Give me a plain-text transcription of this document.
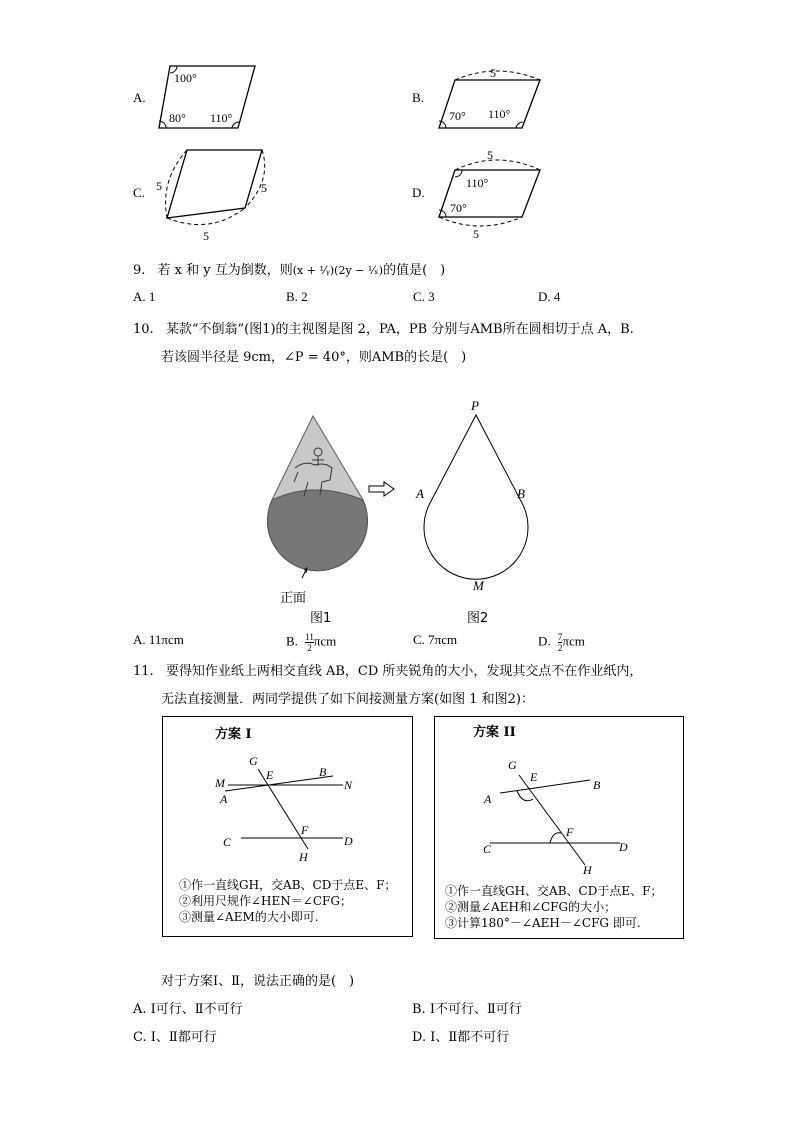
A.
100°
80° 110°
B.
5
70° 110°
C. 5	5
5
D.
5
110°
70°
5
9. 若 x 和 y 互为倒数，则(x + ¹⁄ᵧ)(2y − ¹⁄ₓ)的值是(　)
A. 1	B. 2	C. 3	D. 4
10. 某款“不倒翁”(图1)的主视图是图 2，PA，PB 分别与AMB所在圆相切于点 A，B.
若该圆半径是 9cm，∠P = 40°，则AMB的长是(　)
正面
图1
P
A	B
M
图2
A. 11πcm	B. $\frac{11}{2}$ πcm	C. 7πcm	D. $\frac{7}{2}$ πcm
11. 要得知作业纸上两相交直线 AB，CD 所夹锐角的大小，发现其交点不在作业纸内，
无法直接测量．两同学提供了如下间接测量方案(如图 1 和图2)：
方案 I
M	N
A
B
G
E
C
F
D
H
①作一直线GH，交AB、CD于点E、F；
②利用尺规作∠HEN＝∠CFG；
③测量∠AEM的大小即可.
方案 II
G
E
B
A
F
C	D
H
①作一直线GH、交AB、CD于点E、F；
②测量∠AEH和∠CFG的大小；
③计算180°－∠AEH－∠CFG 即可.
对于方案Ⅰ、Ⅱ，说法正确的是(　)
A. Ⅰ可行、Ⅱ不可行	B. Ⅰ不可行、Ⅱ可行
C. Ⅰ、Ⅱ都可行	D. Ⅰ、Ⅱ都不可行
